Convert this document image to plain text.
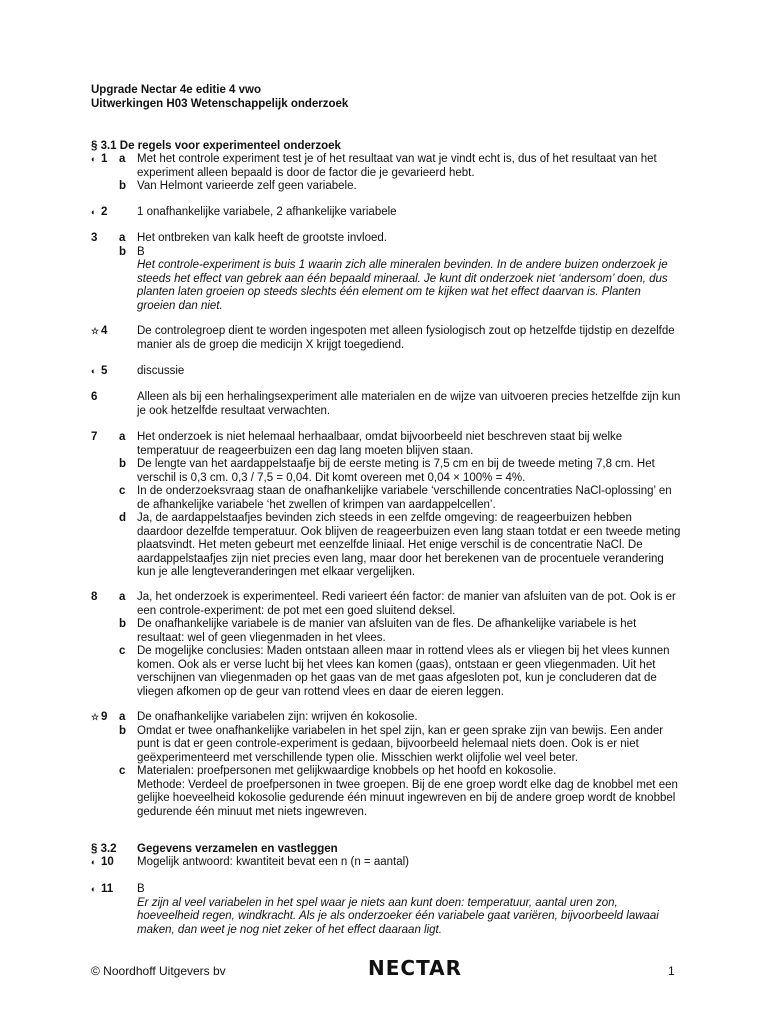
Upgrade Nectar 4e editie 4 vwo
Uitwerkingen H03 Wetenschappelijk onderzoek
§ 3.1 De regels voor experimenteel onderzoek
◐ 1 a Met het controle experiment test je of het resultaat van wat je vindt echt is, dus of het resultaat van het experiment alleen bepaald is door de factor die je gevarieerd hebt.
b Van Helmont varieerde zelf geen variabele.
◐ 2	1 onafhankelijke variabele, 2 afhankelijke variabele
3 a Het ontbreken van kalk heeft de grootste invloed.
b B
Het controle-experiment is buis 1 waarin zich alle mineralen bevinden. In de andere buizen onderzoek je steeds het effect van gebrek aan één bepaald mineraal. Je kunt dit onderzoek niet ‘andersom’ doen, dus planten laten groeien op steeds slechts één element om te kijken wat het effect daarvan is. Planten groeien dan niet.
☆ 4	De controlegroep dient te worden ingespoten met alleen fysiologisch zout op hetzelfde tijdstip en dezelfde manier als de groep die medicijn X krijgt toegediend.
◐ 5	discussie
6	Alleen als bij een herhalingsexperiment alle materialen en de wijze van uitvoeren precies hetzelfde zijn kun je ook hetzelfde resultaat verwachten.
7 a Het onderzoek is niet helemaal herhaalbaar, omdat bijvoorbeeld niet beschreven staat bij welke temperatuur de reageerbuizen een dag lang moeten blijven staan.
b De lengte van het aardappelstaafje bij de eerste meting is 7,5 cm en bij de tweede meting 7,8 cm. Het verschil is 0,3 cm. 0,3 / 7,5 = 0,04. Dit komt overeen met 0,04 × 100% = 4%.
c In de onderzoeksvraag staan de onafhankelijke variabele ‘verschillende concentraties NaCl-oplossing’ en de afhankelijke variabele ‘het zwellen of krimpen van aardappelcellen’.
d Ja, de aardappelstaafjes bevinden zich steeds in een zelfde omgeving: de reageerbuizen hebben daardoor dezelfde temperatuur. Ook blijven de reageerbuizen even lang staan totdat er een tweede meting plaatsvindt. Het meten gebeurt met eenzelfde liniaal. Het enige verschil is de concentratie NaCl. De aardappelstaafjes zijn niet precies even lang, maar door het berekenen van de procentuele verandering kun je alle lengteveranderingen met elkaar vergelijken.
8 a Ja, het onderzoek is experimenteel. Redi varieert één factor: de manier van afsluiten van de pot. Ook is er een controle-experiment: de pot met een goed sluitend deksel.
b De onafhankelijke variabele is de manier van afsluiten van de fles. De afhankelijke variabele is het resultaat: wel of geen vliegenmaden in het vlees.
c De mogelijke conclusies: Maden ontstaan alleen maar in rottend vlees als er vliegen bij het vlees kunnen komen. Ook als er verse lucht bij het vlees kan komen (gaas), ontstaan er geen vliegenmaden. Uit het verschijnen van vliegenmaden op het gaas van de met gaas afgesloten pot, kun je concluderen dat de vliegen afkomen op de geur van rottend vlees en daar de eieren leggen.
☆ 9 a De onafhankelijke variabelen zijn: wrijven én kokosolie.
b Omdat er twee onafhankelijke variabelen in het spel zijn, kan er geen sprake zijn van bewijs. Een ander punt is dat er geen controle-experiment is gedaan, bijvoorbeeld helemaal niets doen. Ook is er niet geëxperimenteerd met verschillende typen olie. Misschien werkt olijfolie wel veel beter.
c Materialen: proefpersonen met gelijkwaardige knobbels op het hoofd en kokosolie.
Methode: Verdeel de proefpersonen in twee groepen. Bij de ene groep wordt elke dag de knobbel met een gelijke hoeveelheid kokosolie gedurende één minuut ingewreven en bij de andere groep wordt de knobbel gedurende één minuut met niets ingewreven.
§ 3.2 Gegevens verzamelen en vastleggen
◐ 10 Mogelijk antwoord: kwantiteit bevat een n (n = aantal)
◐ 11 B
Er zijn al veel variabelen in het spel waar je niets aan kunt doen: temperatuur, aantal uren zon, hoeveelheid regen, windkracht. Als je als onderzoeker één variabele gaat variëren, bijvoorbeeld lawaai maken, dan weet je nog niet zeker of het effect daaraan ligt.
© Noordhoff Uitgevers bv	NECTAR	1
